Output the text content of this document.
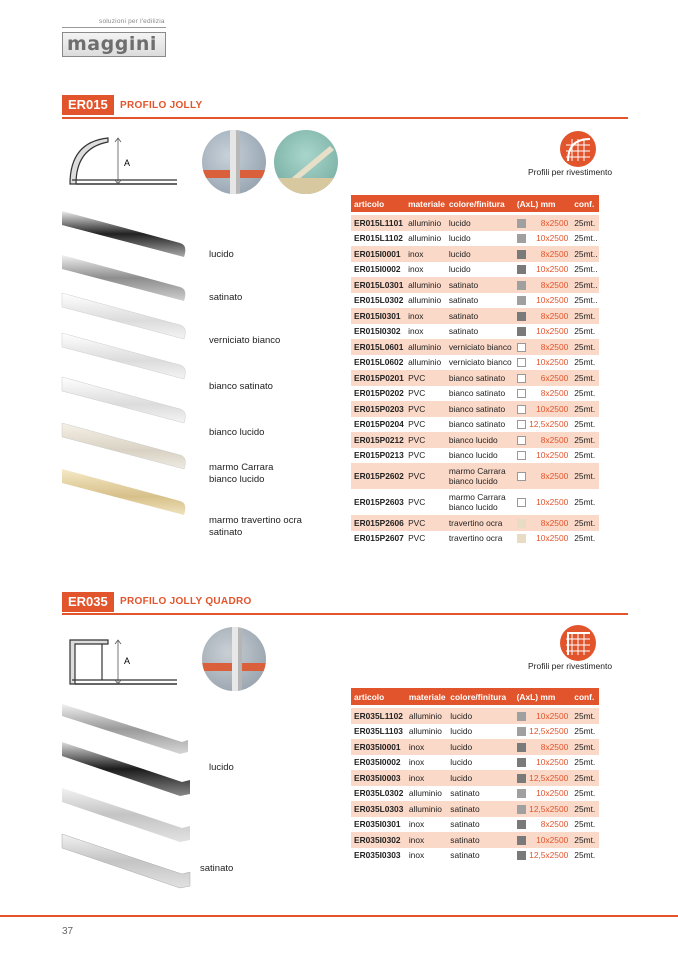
soluzioni per l'edilizia
maggini
ER015	PROFILO JOLLY
A
Profili per rivestimento
lucido
satinato
verniciato bianco
bianco satinato
bianco lucido
marmo Carrara bianco lucido
marmo travertino ocra satinato
articolo	materiale	colore/finitura	(AxL) mm		conf.

ER015L1101	alluminio	lucido		8x2500	25mt.
ER015L1102	alluminio	lucido		10x2500	25mt..
ER015I0001	inox	lucido		8x2500	25mt..
ER015I0002	inox	lucido		10x2500	25mt..
ER015L0301	alluminio	satinato		8x2500	25mt..
ER015L0302	alluminio	satinato		10x2500	25mt..
ER015I0301	inox	satinato		8x2500	25mt.
ER015I0302	inox	satinato		10x2500	25mt.
ER015L0601	alluminio	verniciato bianco		8x2500	25mt.
ER015L0602	alluminio	verniciato bianco		10x2500	25mt.
ER015P0201	PVC	bianco satinato		6x2500	25mt.
ER015P0202	PVC	bianco satinato		8x2500	25mt.
ER015P0203	PVC	bianco satinato		10x2500	25mt.
ER015P0204	PVC	bianco satinato		12,5x2500	25mt.
ER015P0212	PVC	bianco lucido		8x2500	25mt.
ER015P0213	PVC	bianco lucido		10x2500	25mt.
ER015P2602	PVC	marmo Carrara bianco lucido		8x2500	25mt.
ER015P2603	PVC	marmo Carrara bianco lucido		10x2500	25mt.
ER015P2606	PVC	travertino ocra		8x2500	25mt.
ER015P2607	PVC	travertino ocra		10x2500	25mt.
ER035	PROFILO JOLLY QUADRO
A	Profili per rivestimento
lucido
satinato
articolo	materiale	colore/finitura	(AxL) mm		conf.

ER035L1102	alluminio	lucido		10x2500	25mt.
ER035L1103	alluminio	lucido		12,5x2500	25mt.
ER035I0001	inox	lucido		8x2500	25mt.
ER035I0002	inox	lucido		10x2500	25mt.
ER035I0003	inox	lucido		12,5x2500	25mt.
ER035L0302	alluminio	satinato		10x2500	25mt.
ER035L0303	alluminio	satinato		12,5x2500	25mt.
ER035I0301	inox	satinato		8x2500	25mt.
ER035I0302	inox	satinato		10x2500	25mt.
ER035I0303	inox	satinato		12,5x2500	25mt.
37
